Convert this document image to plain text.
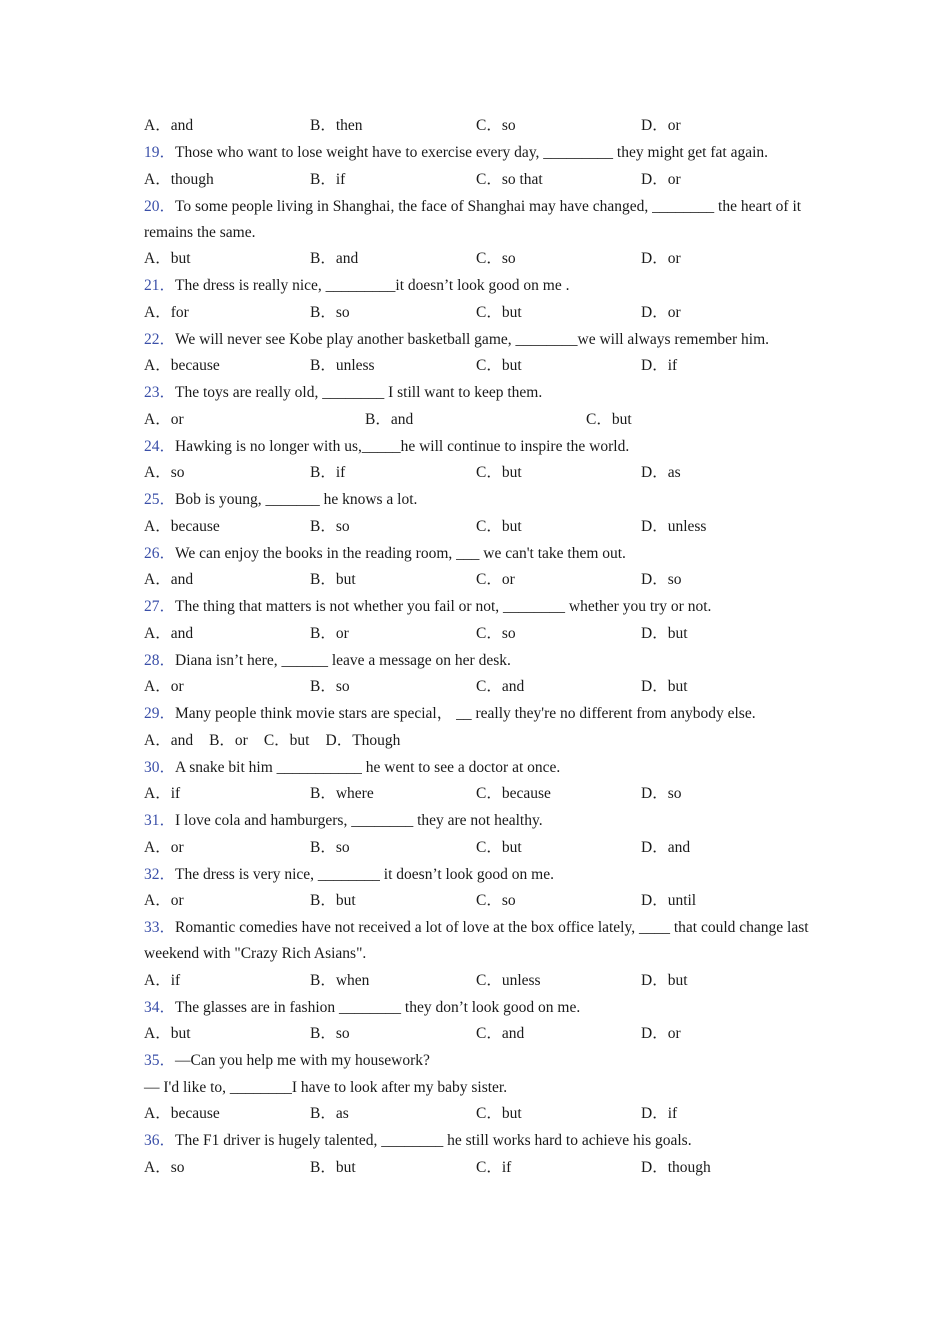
A．and	B．then	C．so	D．or
19．Those who want to lose weight have to exercise every day, _________ they might get fat again.
A．though	B．if	C．so that	D．or
20．To some people living in Shanghai, the face of Shanghai may have changed, ________ the heart of it remains the same.
A．but	B．and	C．so	D．or
21．The dress is really nice, _________it doesn’t look good on me .
A．for	B．so	C．but	D．or
22．We will never see Kobe play another basketball game, ________we will always remember him.
A．because	B．unless	C．but	D．if
23．The toys are really old, ________ I still want to keep them.
A．or	B．and	C．but
24．Hawking is no longer with us,_____he will continue to inspire the world.
A．so	B．if	C．but	D．as
25．Bob is young, _______ he knows a lot.
A．because	B．so	C．but	D．unless
26．We can enjoy the books in the reading room, ___ we can't take them out.
A．and	B．but	C．or	D．so
27．The thing that matters is not whether you fail or not, ________ whether you try or not.
A．and	B．or	C．so	D．but
28．Diana isn’t here, ______ leave a message on her desk.
A．or	B．so	C．and	D．but
29．Many people think movie stars are special， __ really they're no different from anybody else.
A．and B．or C．but D．Though
30．A snake bit him ___________ he went to see a doctor at once.
A．if	B．where	C．because	D．so
31．I love cola and hamburgers, ________ they are not healthy.
A．or	B．so	C．but	D．and
32．The dress is very nice, ________ it doesn’t look good on me.
A．or	B．but	C．so	D．until
33．Romantic comedies have not received a lot of love at the box office lately, ____ that could change last weekend with "Crazy Rich Asians".
A．if	B．when	C．unless	D．but
34．The glasses are in fashion ________ they don’t look good on me.
A．but	B．so	C．and	D．or
35．—Can you help me with my housework?
— I'd like to, ________I have to look after my baby sister.
A．because	B．as	C．but	D．if
36．The F1 driver is hugely talented, ________ he still works hard to achieve his goals.
A．so	B．but	C．if	D．though
